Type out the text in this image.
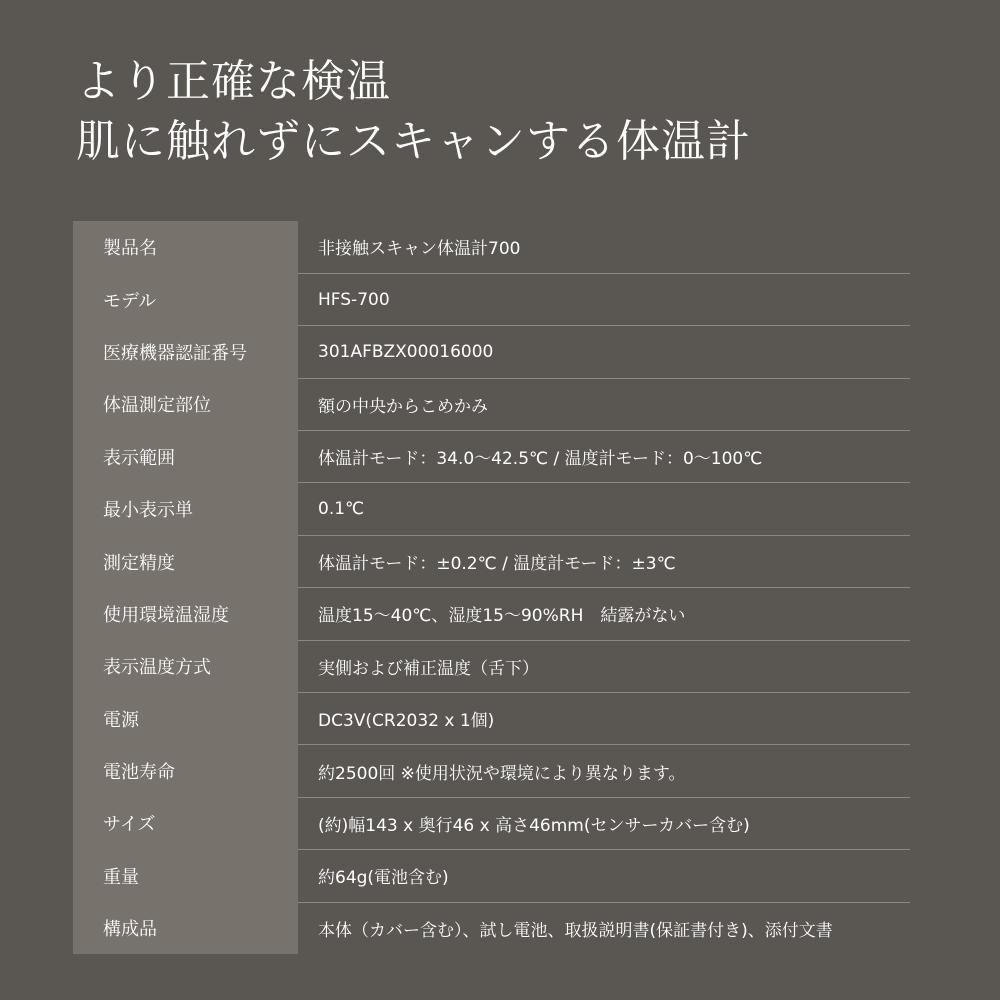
より正確な検温
肌に触れずにスキャンする体温計
製品名	非接触スキャン体温計700
モデル	HFS-700
医療機器認証番号	301AFBZX00016000
体温測定部位	額の中央からこめかみ
表示範囲	体温計モード：34.0〜42.5℃ / 温度計モード：0〜100℃
最小表示単	0.1℃
測定精度	体温計モード：±0.2℃ / 温度計モード：±3℃
使用環境温湿度	温度15〜40℃、湿度15〜90%RH　結露がない
表示温度方式	実側および補正温度（舌下）
電源	DC3V(CR2032 x 1個)
電池寿命	約2500回 ※使用状況や環境により異なります。
サイズ	(約)幅143 x 奥行46 x 高さ46mm(センサーカバー含む)
重量	約64g(電池含む)
構成品	本体（カバー含む）、試し電池、取扱説明書(保証書付き)、添付文書
